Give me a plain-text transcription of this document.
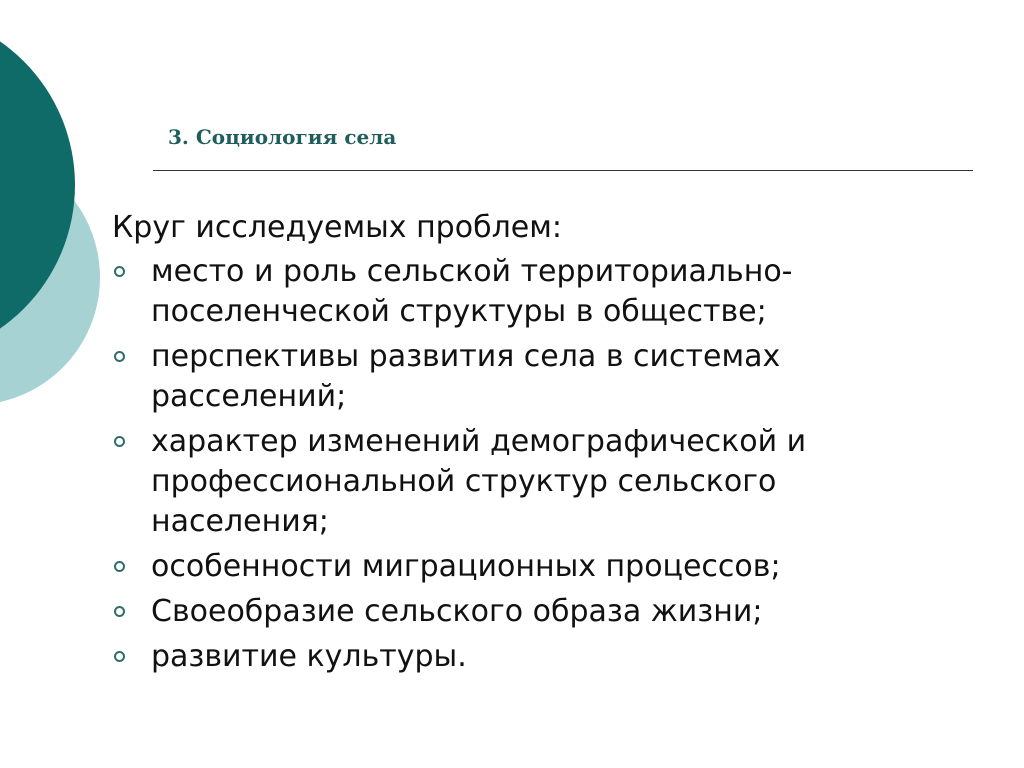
3. Социология села

Круг исследуемых проблем:

место и роль сельской территориально-поселенческой структуры в обществе;
перспективы развития села в системах расселений;
характер изменений демографической и профессиональной структур сельского населения;
особенности миграционных процессов;
Своеобразие сельского образа жизни;
развитие культуры.
